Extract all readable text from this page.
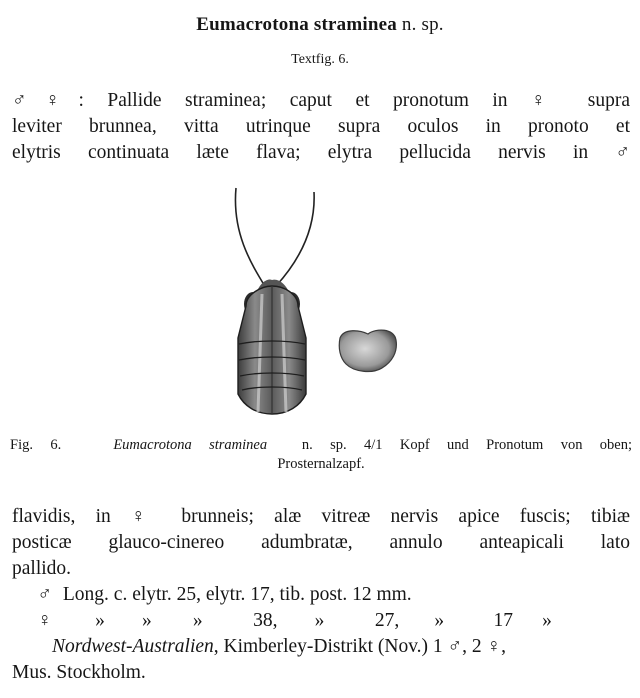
Eumacrotona straminea n. sp.
Textfig. 6.
♂♀: Pallide straminea; caput et pronotum in ♀ supra
leviter brunnea, vitta utrinque supra oculos in pronoto et
elytris continuata læte flava; elytra pellucida nervis in ♂
Fig. 6.	Eumacrotona straminea n. sp. 4/1 Kopf und Pronotum von oben;
Prosternalzapf.
flavidis, in ♀ brunneis; alæ vitreæ nervis apice fuscis; tibiæ
posticæ glauco-cinereo adumbratæ, annulo anteapicali lato
pallido.
♂ Long. c. elytr. 25, elytr. 17, tib. post. 12 mm.
♀ » » »	38, »	27, »	17 »
Nordwest-Australien, Kimberley-Distrikt (Nov.) 1 ♂, 2 ♀,
Mus. Stockholm.
